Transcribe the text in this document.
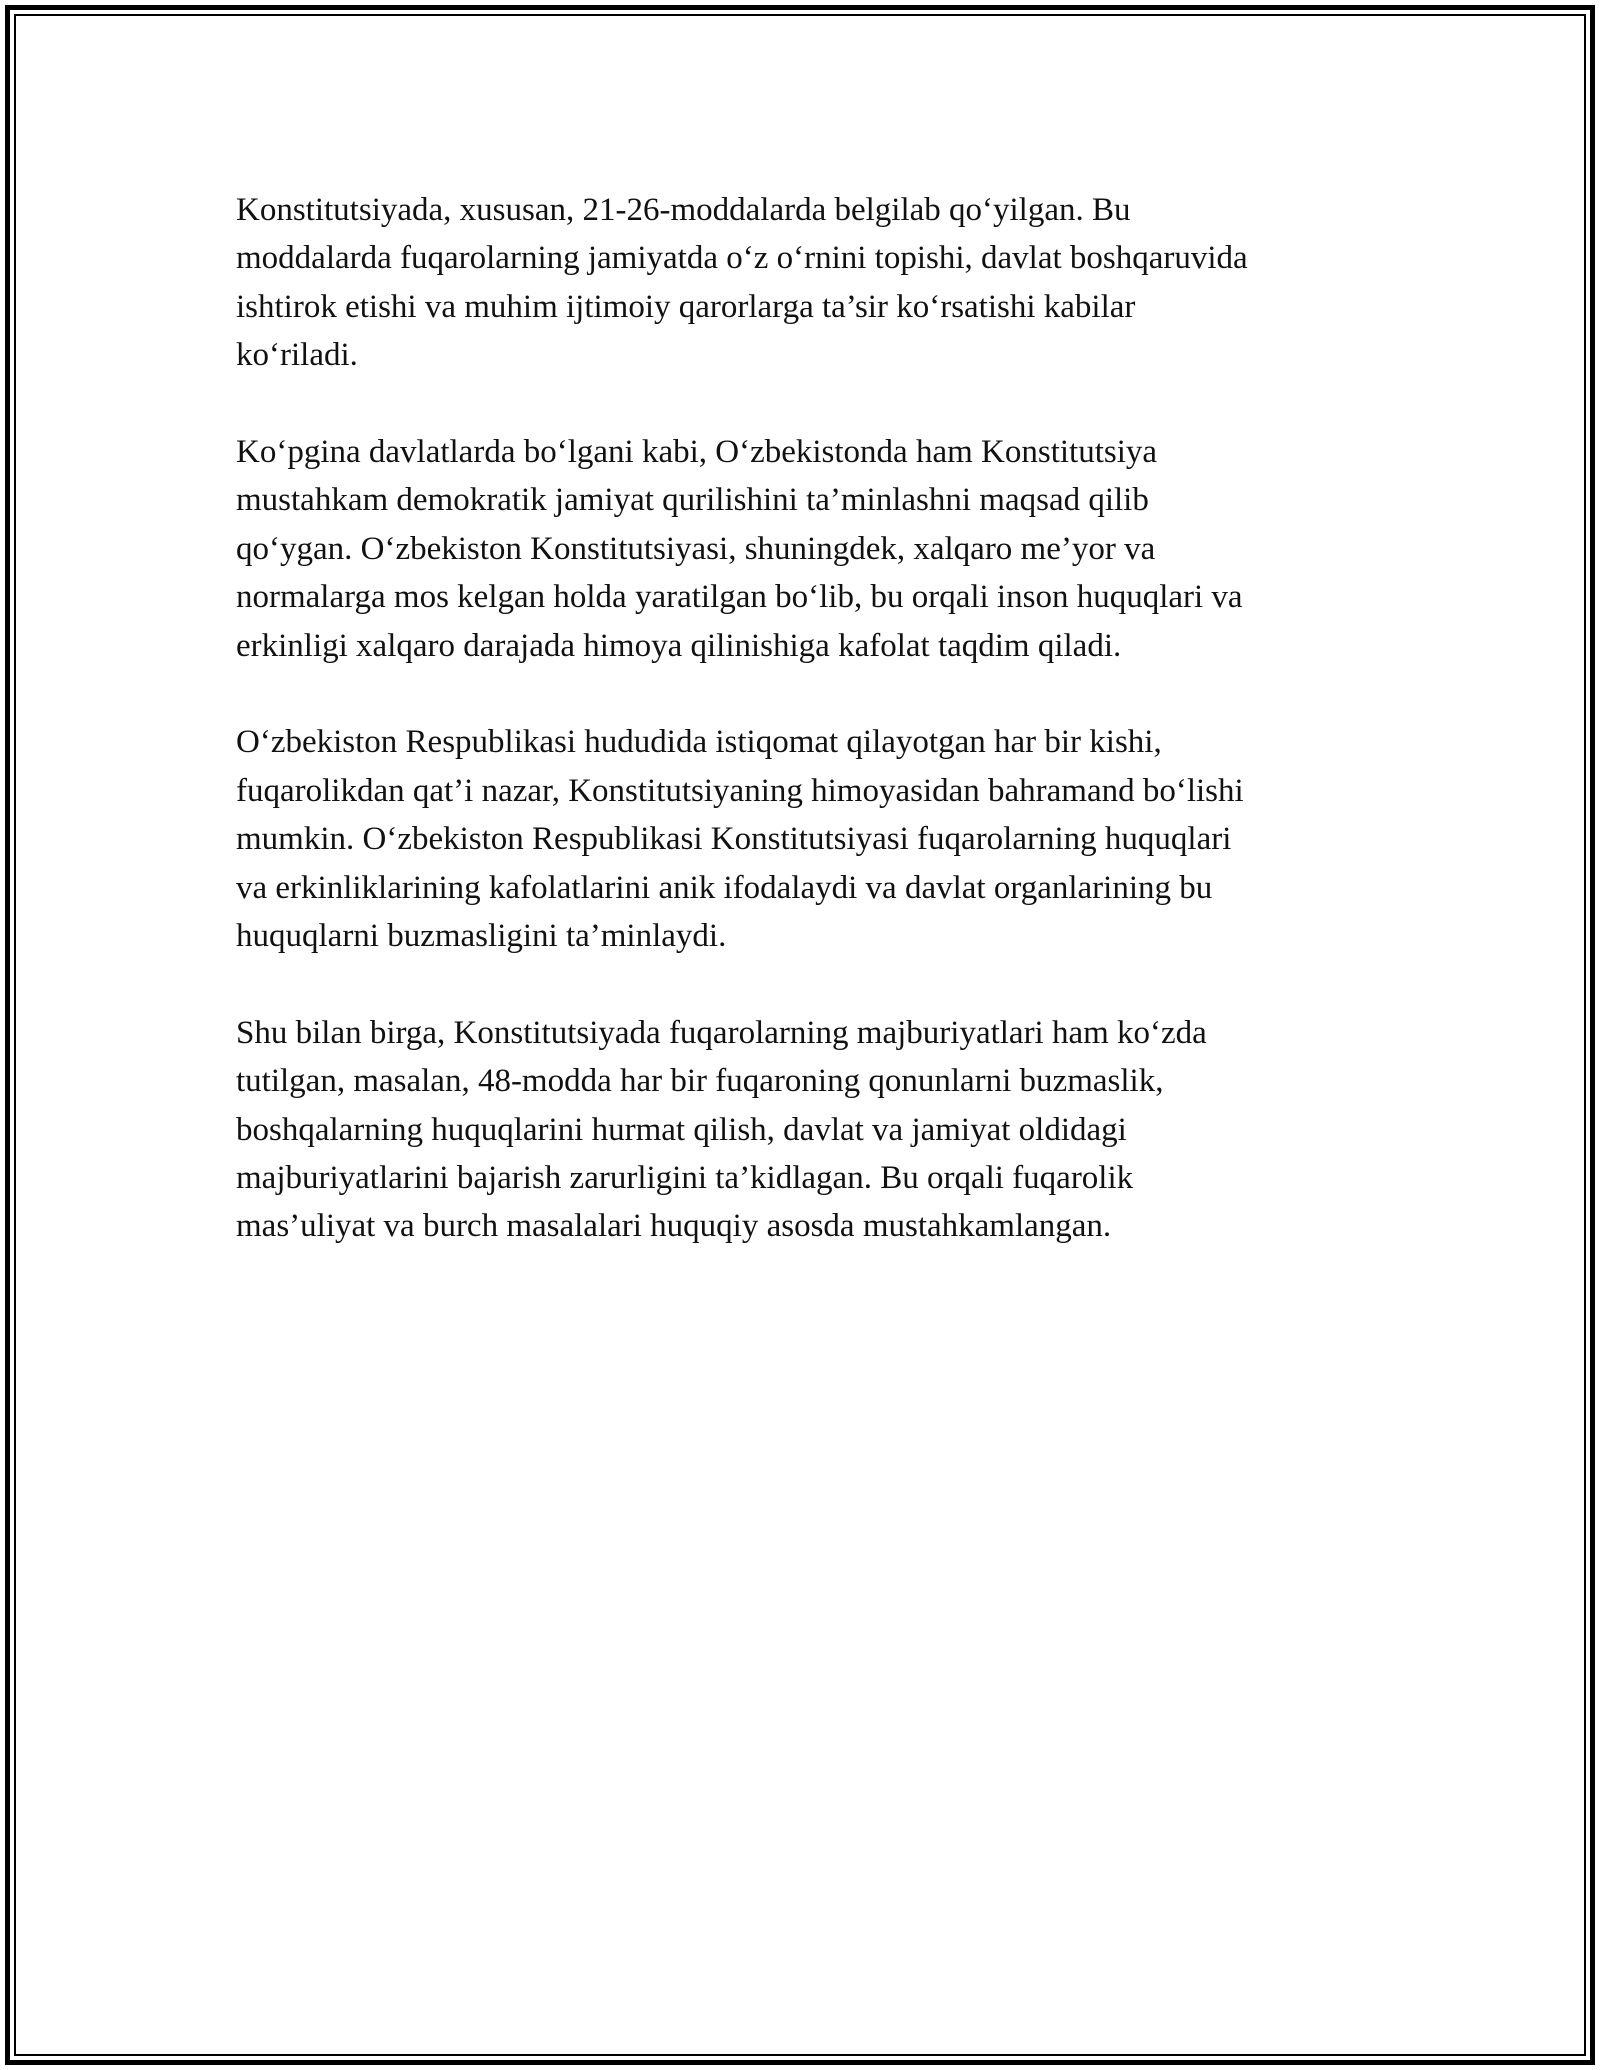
Konstitutsiyada, xususan, 21-26-moddalarda belgilab qo‘yilgan. Bu
moddalarda fuqarolarning jamiyatda o‘z o‘rnini topishi, davlat boshqaruvida
ishtirok etishi va muhim ijtimoiy qarorlarga ta’sir ko‘rsatishi kabilar
ko‘riladi.

Ko‘pgina davlatlarda bo‘lgani kabi, O‘zbekistonda ham Konstitutsiya
mustahkam demokratik jamiyat qurilishini ta’minlashni maqsad qilib
qo‘ygan. O‘zbekiston Konstitutsiyasi, shuningdek, xalqaro me’yor va
normalarga mos kelgan holda yaratilgan bo‘lib, bu orqali inson huquqlari va
erkinligi xalqaro darajada himoya qilinishiga kafolat taqdim qiladi.

O‘zbekiston Respublikasi hududida istiqomat qilayotgan har bir kishi,
fuqarolikdan qat’i nazar, Konstitutsiyaning himoyasidan bahramand bo‘lishi
mumkin. O‘zbekiston Respublikasi Konstitutsiyasi fuqarolarning huquqlari
va erkinliklarining kafolatlarini anik ifodalaydi va davlat organlarining bu
huquqlarni buzmasligini ta’minlaydi.

Shu bilan birga, Konstitutsiyada fuqarolarning majburiyatlari ham ko‘zda
tutilgan, masalan, 48-modda har bir fuqaroning qonunlarni buzmaslik,
boshqalarning huquqlarini hurmat qilish, davlat va jamiyat oldidagi
majburiyatlarini bajarish zarurligini ta’kidlagan. Bu orqali fuqarolik
mas’uliyat va burch masalalari huquqiy asosda mustahkamlangan.
